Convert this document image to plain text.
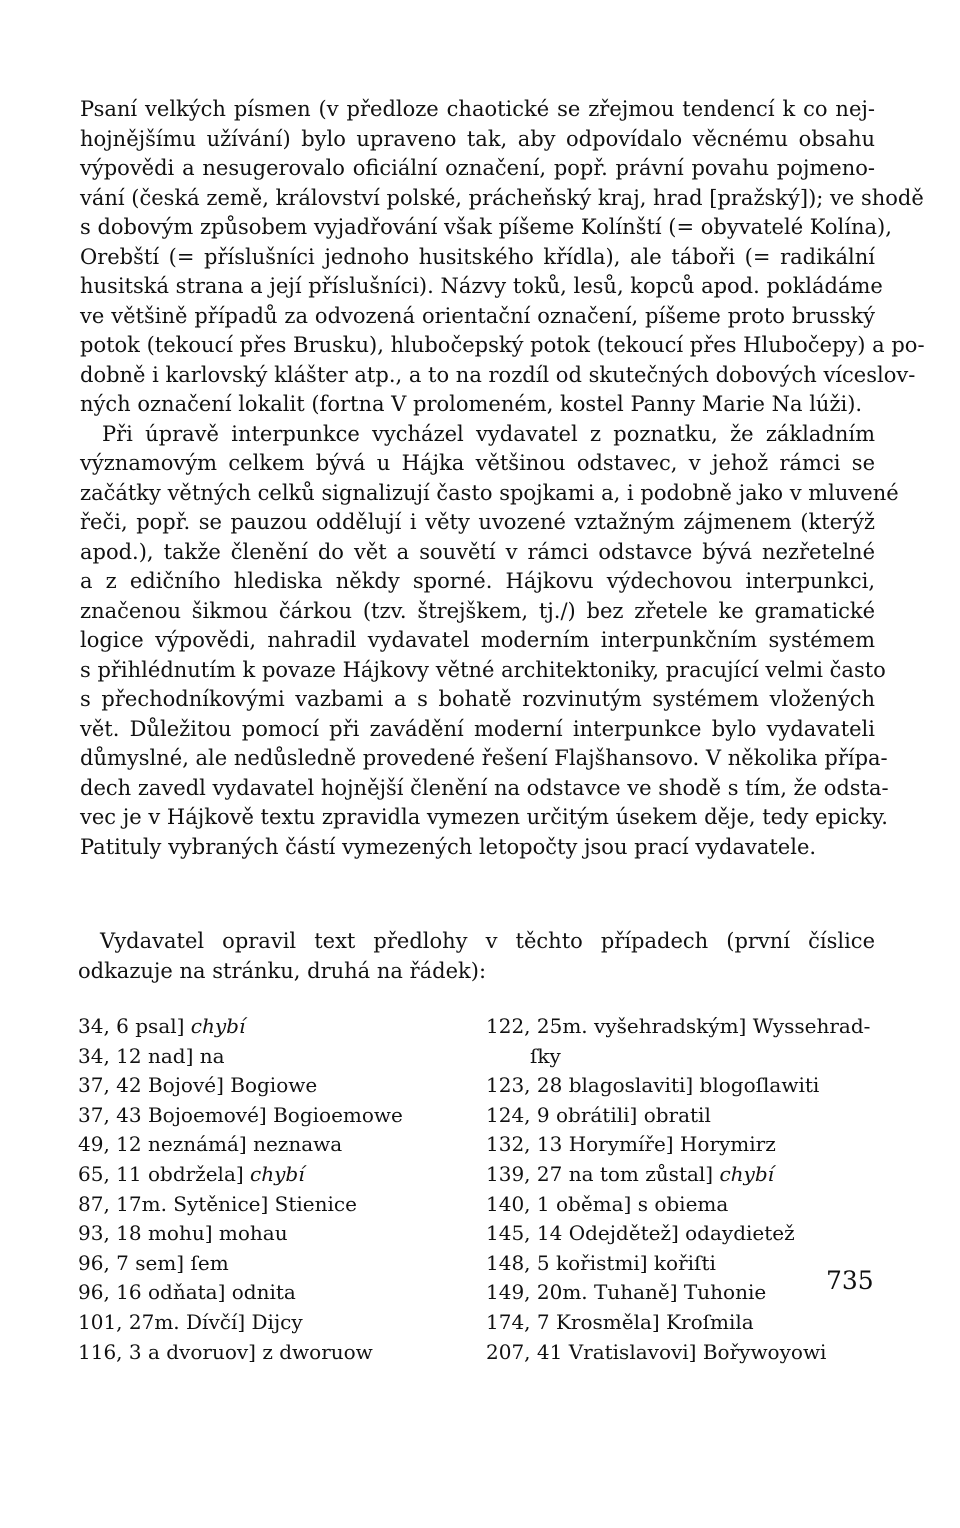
Psaní velkých písmen (v předloze chaotické se zřejmou tendencí k co nej-
hojnějšímu užívání) bylo upraveno tak, aby odpovídalo věcnému obsahu
výpovědi a nesugerovalo oficiální označení, popř. právní povahu pojmeno-
vání (česká země, království polské, prácheňský kraj, hrad [pražský]); ve shodě
s dobovým způsobem vyjadřování však píšeme Kolínští (= obyvatelé Kolína),
Orebští (= příslušníci jednoho husitského křídla), ale táboři (= radikální
husitská strana a její příslušníci). Názvy toků, lesů, kopců apod. pokládáme
ve většině případů za odvozená orientační označení, píšeme proto brusský
potok (tekoucí přes Brusku), hlubočepský potok (tekoucí přes Hlubočepy) a po-
dobně i karlovský klášter atp., a to na rozdíl od skutečných dobových víceslov-
ných označení lokalit (fortna V prolomeném, kostel Panny Marie Na lúži).
Při úpravě interpunkce vycházel vydavatel z poznatku, že základním
významovým celkem bývá u Hájka většinou odstavec, v jehož rámci se
začátky větných celků signalizují často spojkami a, i podobně jako v mluvené
řeči, popř. se pauzou oddělují i věty uvozené vztažným zájmenem (kterýž
apod.), takže členění do vět a souvětí v rámci odstavce bývá nezřetelné
a z edičního hlediska někdy sporné. Hájkovu výdechovou interpunkci,
značenou šikmou čárkou (tzv. štrejškem, tj./) bez zřetele ke gramatické
logice výpovědi, nahradil vydavatel moderním interpunkčním systémem
s přihlédnutím k povaze Hájkovy větné architektoniky, pracující velmi často
s přechodníkovými vazbami a s bohatě rozvinutým systémem vložených
vět. Důležitou pomocí při zavádění moderní interpunkce bylo vydavateli
důmyslné, ale nedůsledně provedené řešení Flajšhansovo. V několika přípa-
dech zavedl vydavatel hojnější členění na odstavce ve shodě s tím, že odsta-
vec je v Hájkově textu zpravidla vymezen určitým úsekem děje, tedy epicky.
Patituly vybraných částí vymezených letopočty jsou prací vydavatele.
Vydavatel opravil text předlohy v těchto případech (první číslice
odkazuje na stránku, druhá na řádek):
34, 6 psal] chybí
34, 12 nad] na
37, 42 Bojové] Bogiowe
37, 43 Bojoemové] Bogioemowe
49, 12 neznámá] neznawa
65, 11 obdržela] chybí
87, 17m. Sytěnice] Stienice
93, 18 mohu] mohau
96, 7 sem] ſem
96, 16 odňata] odnita
101, 27m. Dívčí] Dijcy
116, 3 a dvoruov] z dworuow
122, 25m. vyšehradským] Wyssehrad-
ſky
123, 28 blagoslaviti] blogoſlawiti
124, 9 obrátili] obratil
132, 13 Horymíře] Horymirz
139, 27 na tom zůstal] chybí
140, 1 oběma] s obiema
145, 14 Odejdětež] odaydietež
148, 5 kořistmi] kořiſti
149, 20m. Tuhaně] Tuhonie
174, 7 Krosměla] Kroſmila
207, 41 Vratislavovi] Bořywoyowi
735
